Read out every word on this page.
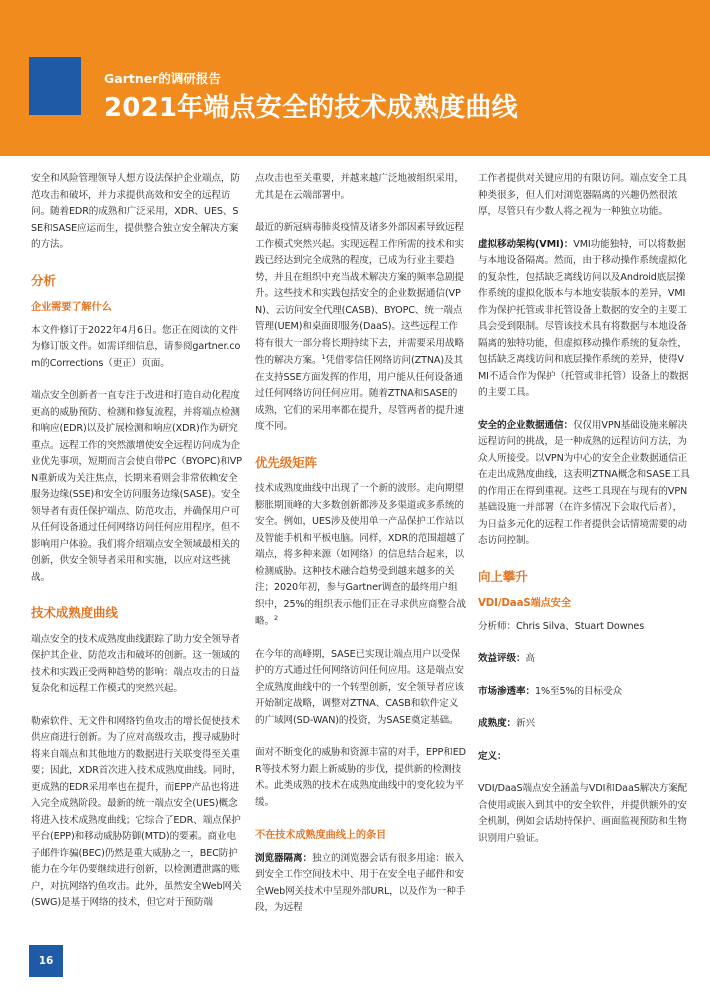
Gartner的调研报告
2021年端点安全的技术成熟度曲线

安全和风险管理领导人想方设法保护企业端点，防范攻击和破坏，并力求提供高效和安全的远程访问。随着EDR的成熟和广泛采用，XDR、UES、SSE和SASE应运而生，提供整合独立安全解决方案的方法。

分析
企业需要了解什么

本文件修订于2022年4月6日。您正在阅读的文件为修订版文件。如需详细信息，请参阅gartner.com的Corrections（更正）页面。

端点安全创新者一直专注于改进和打造自动化程度更高的威胁预防、检测和修复流程，并将端点检测和响应(EDR)以及扩展检测和响应(XDR)作为研究重点。远程工作的突然激增使安全远程访问成为企业优先事项，短期而言会使自带PC（BYOPC)和VPN重新成为关注焦点，长期来看则会非常依赖安全服务边缘(SSE)和安全访问服务边缘(SASE)。安全领导者有责任保护端点、防范攻击，并确保用户可从任何设备通过任何网络访问任何应用程序，但不影响用户体验。我们将介绍端点安全领域最相关的创新，供安全领导者采用和实施，以应对这些挑战。

技术成熟度曲线

端点安全的技术成熟度曲线跟踪了助力安全领导者保护其企业、防范攻击和破坏的创新。这一领域的技术和实践正受两种趋势的影响：端点攻击的日益复杂化和远程工作模式的突然兴起。

勒索软件、无文件和网络钓鱼攻击的增长促使技术供应商进行创新。为了应对高级攻击，搜寻威胁时将来自端点和其他地方的数据进行关联变得至关重要；因此，XDR首次进入技术成熟度曲线。同时，更成熟的EDR采用率也在提升，而EPP产品也将进入完全成熟阶段。最新的统一端点安全(UES)概念将进入技术成熟度曲线；它综合了EDR、端点保护平台(EPP)和移动威胁防御(MTD)的要素。商业电子邮件诈骗(BEC)仍然是重大威胁之一，BEC防护能力在今年仍要继续进行创新，以检测遭泄露的账户，对抗网络钓鱼攻击。此外，虽然安全Web网关(SWG)是基于网络的技术，但它对于预防端

点攻击也至关重要，并越来越广泛地被组织采用，尤其是在云端部署中。

最近的新冠病毒肺炎疫情及诸多外部因素导致远程工作模式突然兴起。实现远程工作所需的技术和实践已经达到完全成熟的程度，已成为行业主要趋势，并且在组织中充当战术解决方案的频率急剧提升。这些技术和实践包括安全的企业数据通信(VPN)、云访问安全代理(CASB)、BYOPC、统一端点管理(UEM)和桌面即服务(DaaS)。这些远程工作将有很大一部分将长期持续下去，并需要采用战略性的解决方案。$^1$凭借零信任网络访问(ZTNA)及其在支持SSE方面发挥的作用，用户能从任何设备通过任何网络访问任何应用。随着ZTNA和SASE的成熟，它们的采用率都在提升，尽管两者的提升速度不同。

优先级矩阵

技术成熟度曲线中出现了一个新的波形。走向期望膨胀期顶峰的大多数创新都涉及多渠道或多系统的安全。例如，UES涉及使用单一产品保护工作站以及智能手机和平板电脑。同样，XDR的范围超越了端点，将多种来源（如网络）的信息结合起来，以检测威胁。这种技术融合趋势受到越来越多的关注；2020年初，参与Gartner调查的最终用户组织中，25%的组织表示他们正在寻求供应商整合战略。$^2$

在今年的高峰期，SASE已实现让端点用户以受保护的方式通过任何网络访问任何应用。这是端点安全成熟度曲线中的一个转型创新，安全领导者应该开始制定战略，调整对ZTNA、CASB和软件定义的广域网(SD-WAN)的投资，为SASE奠定基础。

面对不断变化的威胁和资源丰富的对手，EPP和EDR等技术努力跟上新威胁的步伐，提供新的检测技术。此类成熟的技术在成熟度曲线中的变化较为平缓。

不在技术成熟度曲线上的条目

浏览器隔离：独立的浏览器会话有很多用途：嵌入到安全工作空间技术中、用于在安全电子邮件和安全Web网关技术中呈现外部URL，以及作为一种手段，为远程

工作者提供对关键应用的有限访问。端点安全工具种类很多，但人们对浏览器隔离的兴趣仍然很浓厚，尽管只有少数人将之视为一种独立功能。

虚拟移动架构(VMI)：VMI功能独特，可以将数据与本地设备隔离。然而，由于移动操作系统虚拟化的复杂性，包括缺乏离线访问以及Android底层操作系统的虚拟化版本与本地安装版本的差异，VMI作为保护托管或非托管设备上数据的安全的主要工具会受到限制。尽管该技术具有将数据与本地设备隔离的独特功能，但虚拟移动操作系统的复杂性，包括缺乏离线访问和底层操作系统的差异，使得VMI不适合作为保护（托管或非托管）设备上的数据的主要工具。

安全的企业数据通信：仅仅用VPN基础设施来解决远程访问的挑战，是一种成熟的远程访问方法，为众人所接受。以VPN为中心的安全企业数据通信正在走出成熟度曲线，这表明ZTNA概念和SASE工具的作用正在得到重视。这些工具现在与现有的VPN基础设施一并部署（在许多情况下会取代后者），为日益多元化的远程工作者提供会话情境需要的动态访问控制。

向上攀升
VDI/DaaS端点安全

分析师：Chris Silva、Stuart Downes

效益评级：高

市场渗透率：1%至5%的目标受众

成熟度：新兴

定义：

VDI/DaaS端点安全涵盖与VDI和DaaS解决方案配合使用或嵌入到其中的安全软件，并提供额外的安全机制，例如会话劫持保护、画面监视预防和生物识别用户验证。

16
